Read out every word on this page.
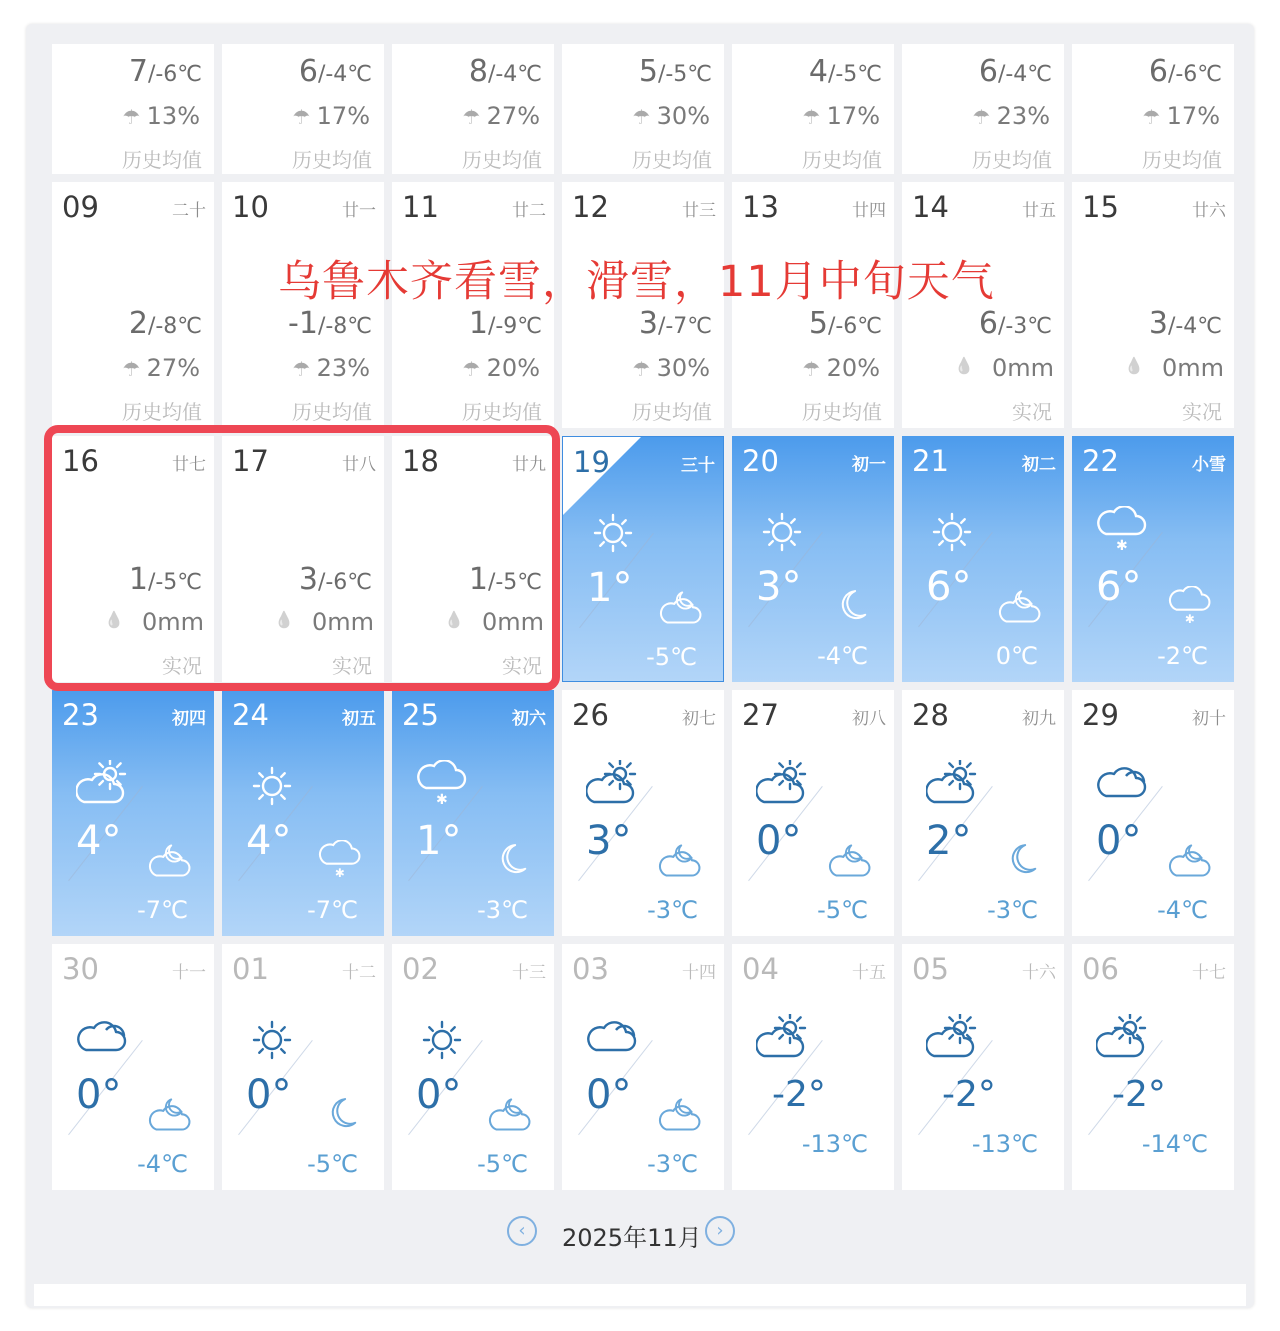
7/-6℃
☂ 13%
历史均值
6/-4℃
☂ 17%
历史均值
8/-4℃
☂ 27%
历史均值
5/-5℃
☂ 30%
历史均值
4/-5℃
☂ 17%
历史均值
6/-4℃
☂ 23%
历史均值
6/-6℃
☂ 17%
历史均值
09	二十
2/-8℃
☂ 27%
历史均值
10	廿一
-1/-8℃
☂ 23%
历史均值
11	廿二
1/-9℃
☂ 20%
历史均值
12	廿三
3/-7℃
☂ 30%
历史均值
13	廿四
5/-6℃
☂ 20%
历史均值
14	廿五
6/-3℃
💧 0mm
实况
15	廿六
3/-4℃
💧 0mm
实况
16	廿七
1/-5℃
💧 0mm
实况
17	廿八
3/-6℃
💧 0mm
实况
18	廿九
1/-5℃
💧 0mm
实况
19	三十
1°
-5℃
20	初一
3°
-4℃
21	初二
6°
0℃
22	小雪
✱
✱
6°
-2℃
23	初四
4°
-7℃
24	初五
✱
4°
-7℃
25	初六
✱
1°
-3℃
26	初七
3°
-3℃
27	初八
0°
-5℃
28	初九
2°
-3℃
29	初十
0°
-4℃
30	十一
0°
-4℃
01	十二
0°
-5℃
02	十三
0°
-5℃
03	十四
0°
-3℃
04	十五
-2°
-13℃
05	十六
-2°
-13℃
06	十七
-2°
-14℃
乌鲁木齐看雪，滑雪，11月中旬天气
‹	2025年11月 ›
